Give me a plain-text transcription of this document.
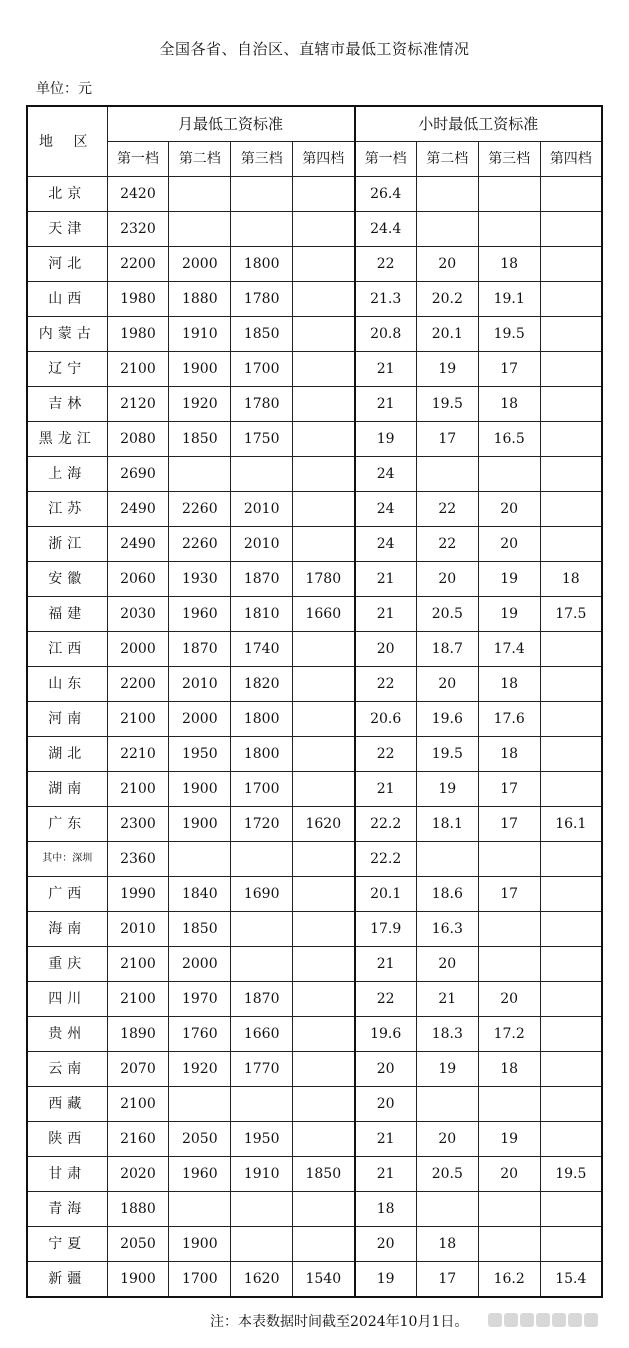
全国各省、自治区、直辖市最低工资标准情况
单位：元
地 区	月最低工资标准				小时最低工资标准			
	第一档	第二档	第三档	第四档	第一档	第二档	第三档	第四档
北京	2420				26.4			
天津	2320				24.4			
河北	2200	2000	1800		22	20	18	
山西	1980	1880	1780		21.3	20.2	19.1	
内蒙古	1980	1910	1850		20.8	20.1	19.5	
辽宁	2100	1900	1700		21	19	17	
吉林	2120	1920	1780		21	19.5	18	
黑龙江	2080	1850	1750		19	17	16.5	
上海	2690				24			
江苏	2490	2260	2010		24	22	20	
浙江	2490	2260	2010		24	22	20	
安徽	2060	1930	1870	1780	21	20	19	18
福建	2030	1960	1810	1660	21	20.5	19	17.5
江西	2000	1870	1740		20	18.7	17.4	
山东	2200	2010	1820		22	20	18	
河南	2100	2000	1800		20.6	19.6	17.6	
湖北	2210	1950	1800		22	19.5	18	
湖南	2100	1900	1700		21	19	17	
广东	2300	1900	1720	1620	22.2	18.1	17	16.1
其中：深圳	2360				22.2			
广西	1990	1840	1690		20.1	18.6	17	
海南	2010	1850			17.9	16.3		
重庆	2100	2000			21	20		
四川	2100	1970	1870		22	21	20	
贵州	1890	1760	1660		19.6	18.3	17.2	
云南	2070	1920	1770		20	19	18	
西藏	2100				20			
陕西	2160	2050	1950		21	20	19	
甘肃	2020	1960	1910	1850	21	20.5	20	19.5
青海	1880				18			
宁夏	2050	1900			20	18		
新疆	1900	1700	1620	1540	19	17	16.2	15.4
注：本表数据时间截至2024年10月1日。
